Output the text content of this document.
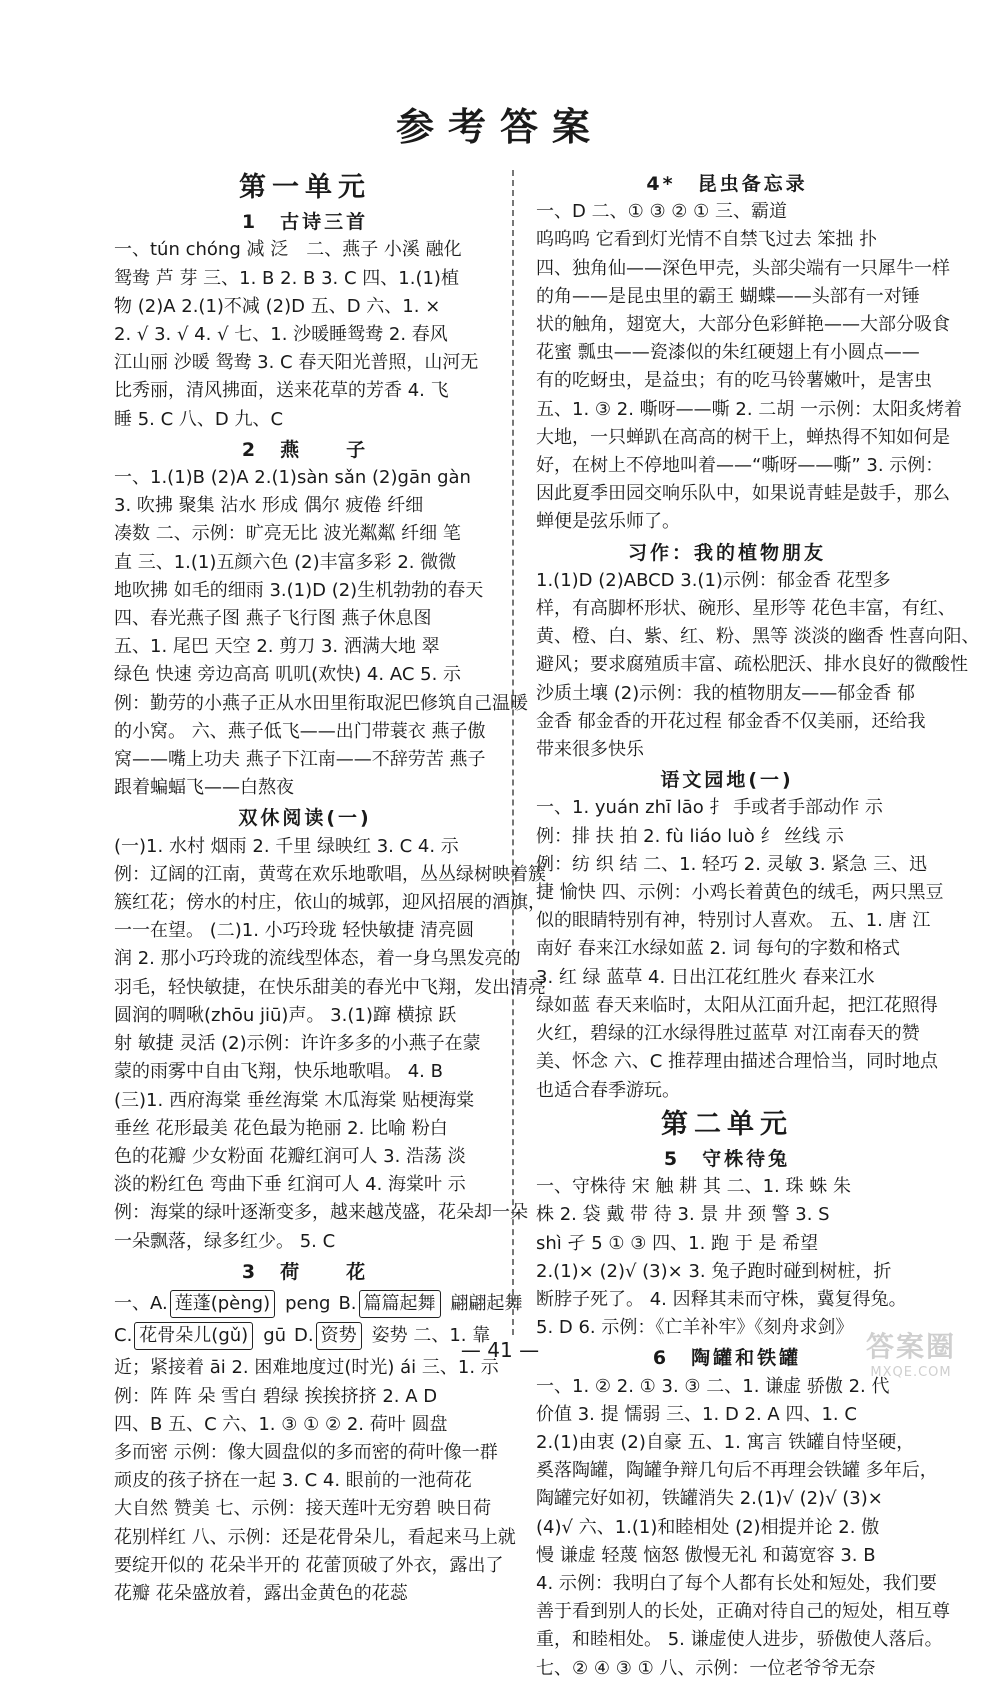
参考答案
第一单元
1　古诗三首
一、tún chóng 减 泛　二、燕子 小溪 融化
鸳鸯 芦 芽 三、1. B 2. B 3. C 四、1.(1)植
物 (2)A 2.(1)不减 (2)D 五、D 六、1. ×
2. √ 3. √ 4. √ 七、1. 沙暖睡鸳鸯 2. 春风
江山丽 沙暖 鸳鸯 3. C 春天阳光普照，山河无
比秀丽，清风拂面，送来花草的芳香 4. 飞
睡 5. C 八、D 九、C
2　燕　　子
一、1.(1)B (2)A 2.(1)sàn sǎn (2)gān gàn
3. 吹拂 聚集 沾水 形成 偶尔 疲倦 纤细
凑数 二、示例：旷亮无比 波光粼粼 纤细 笔
直 三、1.(1)五颜六色 (2)丰富多彩 2. 微微
地吹拂 如毛的细雨 3.(1)D (2)生机勃勃的春天
四、春光燕子图 燕子飞行图 燕子休息图
五、1. 尾巴 天空 2. 剪刀 3. 洒满大地 翠
绿色 快速 旁边高高 叽叽(欢快) 4. AC 5. 示
例：勤劳的小燕子正从水田里衔取泥巴修筑自己温暖
的小窝。 六、燕子低飞——出门带蓑衣 燕子傲
窝——嘴上功夫 燕子下江南——不辞劳苦 燕子
跟着蝙蝠飞——白熬夜
双休阅读(一)
(一)1. 水村 烟雨 2. 千里 绿映红 3. C 4. 示
例：辽阔的江南，黄莺在欢乐地歌唱，丛丛绿树映着簇
簇红花；傍水的村庄，依山的城郭，迎风招展的酒旗，
一一在望。 (二)1. 小巧玲珑 轻快敏捷 清亮圆
润 2. 那小巧玲珑的流线型体态，着一身乌黑发亮的
羽毛，轻快敏捷，在快乐甜美的春光中飞翔，发出清亮
圆润的啁啾(zhōu jiū)声。 3.(1)蹿 横掠 跃
射 敏捷 灵活 (2)示例：许许多多的小燕子在蒙
蒙的雨雾中自由飞翔，快乐地歌唱。 4. B
(三)1. 西府海棠 垂丝海棠 木瓜海棠 贴梗海棠
垂丝 花形最美 花色最为艳丽 2. 比喻 粉白
色的花瓣 少女粉面 花瓣红润可人 3. 浩荡 淡
淡的粉红色 弯曲下垂 红润可人 4. 海棠叶 示
例：海棠的绿叶逐渐变多，越来越茂盛，花朵却一朵
一朵飘落，绿多红少。 5. C
3　荷　　花
一、A. 莲蓬(pèng) peng B. 篇篇起舞 翩翩起舞
C. 花骨朵儿(gǔ) gū D. 资势 姿势 二、1. 靠
近；紧接着 āi 2. 困难地度过(时光) ái 三、1. 示
例：阵 阵 朵 雪白 碧绿 挨挨挤挤 2. A D
四、B 五、C 六、1. ③ ① ② 2. 荷叶 圆盘
多而密 示例：像大圆盘似的多而密的荷叶像一群
顽皮的孩子挤在一起 3. C 4. 眼前的一池荷花
大自然 赞美 七、示例：接天莲叶无穷碧 映日荷
花别样红 八、示例：还是花骨朵儿，看起来马上就
要绽开似的 花朵半开的 花蕾顶破了外衣，露出了
花瓣 花朵盛放着，露出金黄色的花蕊
4*　昆虫备忘录
一、D 二、① ③ ② ① 三、霸道
呜呜呜 它看到灯光情不自禁飞过去 笨拙 扑
四、独角仙——深色甲壳，头部尖端有一只犀牛一样
的角——是昆虫里的霸王 蝴蝶——头部有一对锤
状的触角，翅宽大，大部分色彩鲜艳——大部分吸食
花蜜 瓢虫——瓷漆似的朱红硬翅上有小圆点——
有的吃蚜虫，是益虫；有的吃马铃薯嫩叶，是害虫
五、1. ③ 2. 嘶呀——嘶 2. 二胡 一示例：太阳炙烤着
大地，一只蝉趴在高高的树干上，蝉热得不知如何是
好，在树上不停地叫着——“嘶呀——嘶” 3. 示例：
因此夏季田园交响乐队中，如果说青蛙是鼓手，那么
蝉便是弦乐师了。
习作：我的植物朋友
1.(1)D (2)ABCD 3.(1)示例：郁金香 花型多
样，有高脚杯形状、碗形、星形等 花色丰富，有红、
黄、橙、白、紫、红、粉、黑等 淡淡的幽香 性喜向阳、
避风；要求腐殖质丰富、疏松肥沃、排水良好的微酸性
沙质土壤 (2)示例：我的植物朋友——郁金香 郁
金香 郁金香的开花过程 郁金香不仅美丽，还给我
带来很多快乐
语文园地(一)
一、1. yuán zhī lāo 扌 手或者手部动作 示
例：排 扶 拍 2. fù liáo luò 纟 丝线 示
例：纺 织 结 二、1. 轻巧 2. 灵敏 3. 紧急 三、迅
捷 愉快 四、示例：小鸡长着黄色的绒毛，两只黑豆
似的眼睛特别有神，特别讨人喜欢。 五、1. 唐 江
南好 春来江水绿如蓝 2. 词 每句的字数和格式
3. 红 绿 蓝草 4. 日出江花红胜火 春来江水
绿如蓝 春天来临时，太阳从江面升起，把江花照得
火红，碧绿的江水绿得胜过蓝草 对江南春天的赞
美、怀念 六、C 推荐理由描述合理恰当，同时地点
也适合春季游玩。
第二单元
5　守株待兔
一、守株待 宋 触 耕 其 二、1. 珠 蛛 朱
株 2. 袋 戴 带 待 3. 景 井 颈 警 3. S
shì 孑 5 ① ③ 四、1. 跑 于 是 希望
2.(1)× (2)√ (3)× 3. 兔子跑时碰到树桩，折
断脖子死了。 4. 因释其耒而守株，冀复得兔。
5. D 6. 示例：《亡羊补牢》《刻舟求剑》
6　陶罐和铁罐
一、1. ② 2. ① 3. ③ 二、1. 谦虚 骄傲 2. 代
价值 3. 提 懦弱 三、1. D 2. A 四、1. C
2.(1)由衷 (2)自豪 五、1. 寓言 铁罐自恃坚硬，
奚落陶罐，陶罐争辩几句后不再理会铁罐 多年后，
陶罐完好如初，铁罐消失 2.(1)√ (2)√ (3)×
(4)√ 六、1.(1)和睦相处 (2)相提并论 2. 傲
慢 谦虚 轻蔑 恼怒 傲慢无礼 和蔼宽容 3. B
4. 示例：我明白了每个人都有长处和短处，我们要
善于看到别人的长处，正确对待自己的短处，相互尊
重，和睦相处。 5. 谦虚使人进步，骄傲使人落后。
七、② ④ ③ ① 八、示例：一位老爷爷无奈
— 41 —	答案圈
MXQE.COM
